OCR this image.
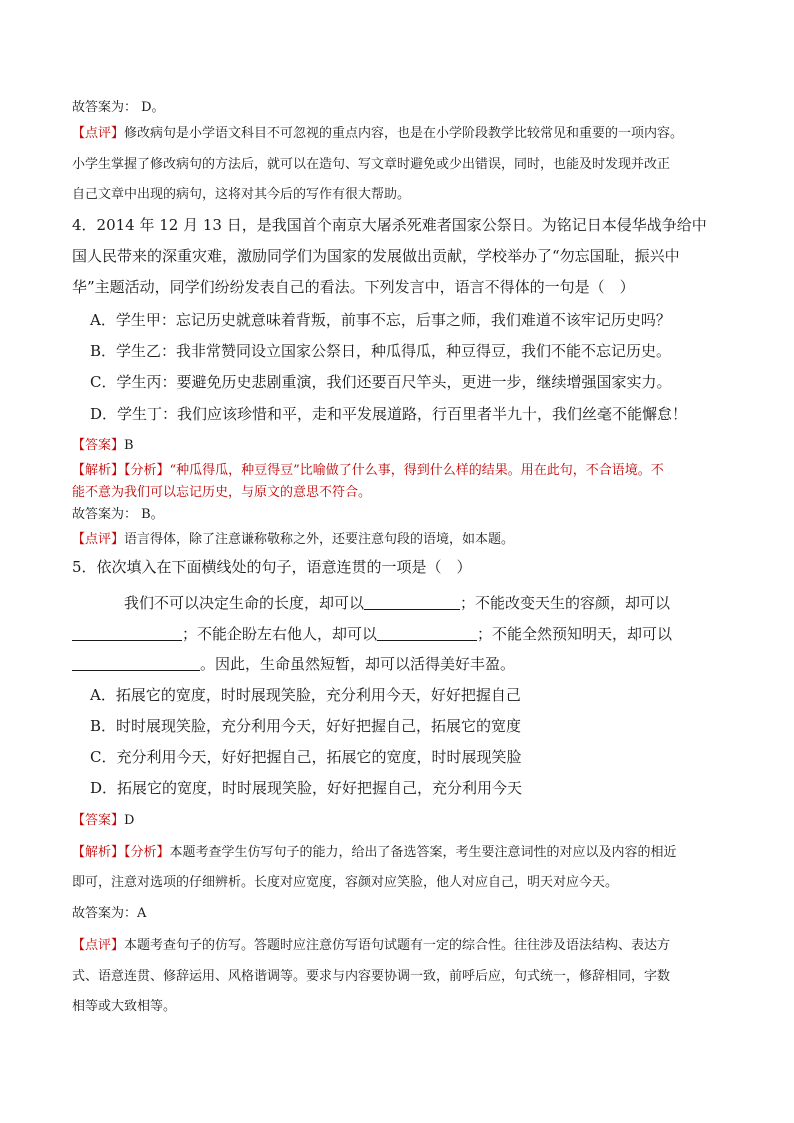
故答案为： D。
【点评】修改病句是小学语文科目不可忽视的重点内容，也是在小学阶段教学比较常见和重要的一项内容。
小学生掌握了修改病句的方法后，就可以在造句、写文章时避免或少出错误，同时，也能及时发现并改正
自己文章中出现的病句，这将对其今后的写作有很大帮助。
4．2014 年 12 月 13 日，是我国首个南京大屠杀死难者国家公祭日。为铭记日本侵华战争给中
国人民带来的深重灾难，激励同学们为国家的发展做出贡献，学校举办了“勿忘国耻，振兴中
华”主题活动，同学们纷纷发表自己的看法。下列发言中，语言不得体的一句是（　）
A．学生甲：忘记历史就意味着背叛，前事不忘，后事之师，我们难道不该牢记历史吗？
B．学生乙：我非常赞同设立国家公祭日，种瓜得瓜，种豆得豆，我们不能不忘记历史。
C．学生丙：要避免历史悲剧重演，我们还要百尺竿头，更进一步，继续增强国家实力。
D．学生丁：我们应该珍惜和平，走和平发展道路，行百里者半九十，我们丝毫不能懈怠！
【答案】B
【解析】【分析】“种瓜得瓜，种豆得豆”比喻做了什么事，得到什么样的结果。用在此句，不合语境。不
能不意为我们可以忘记历史，与原文的意思不符合。
故答案为： B。
【点评】语言得体，除了注意谦称敬称之外，还要注意句段的语境，如本题。
5．依次填入在下面横线处的句子，语意连贯的一项是（　）
我们不可以决定生命的长度，却可以	；不能改变天生的容颜，却可以
；不能企盼左右他人，却可以	；不能全然预知明天，却可以
。因此，生命虽然短暂，却可以活得美好丰盈。
A．拓展它的宽度，时时展现笑脸，充分利用今天，好好把握自己
B．时时展现笑脸，充分利用今天，好好把握自己，拓展它的宽度
C．充分利用今天，好好把握自己，拓展它的宽度，时时展现笑脸
D．拓展它的宽度，时时展现笑脸，好好把握自己，充分利用今天
【答案】D
【解析】【分析】本题考查学生仿写句子的能力，给出了备选答案，考生要注意词性的对应以及内容的相近
即可，注意对选项的仔细辨析。长度对应宽度，容颜对应笑脸，他人对应自己，明天对应今天。
故答案为：A
【点评】本题考查句子的仿写。答题时应注意仿写语句试题有一定的综合性。往往涉及语法结构、表达方
式、语意连贯、修辞运用、风格谐调等。要求与内容要协调一致，前呼后应，句式统一，修辞相同，字数
相等或大致相等。
